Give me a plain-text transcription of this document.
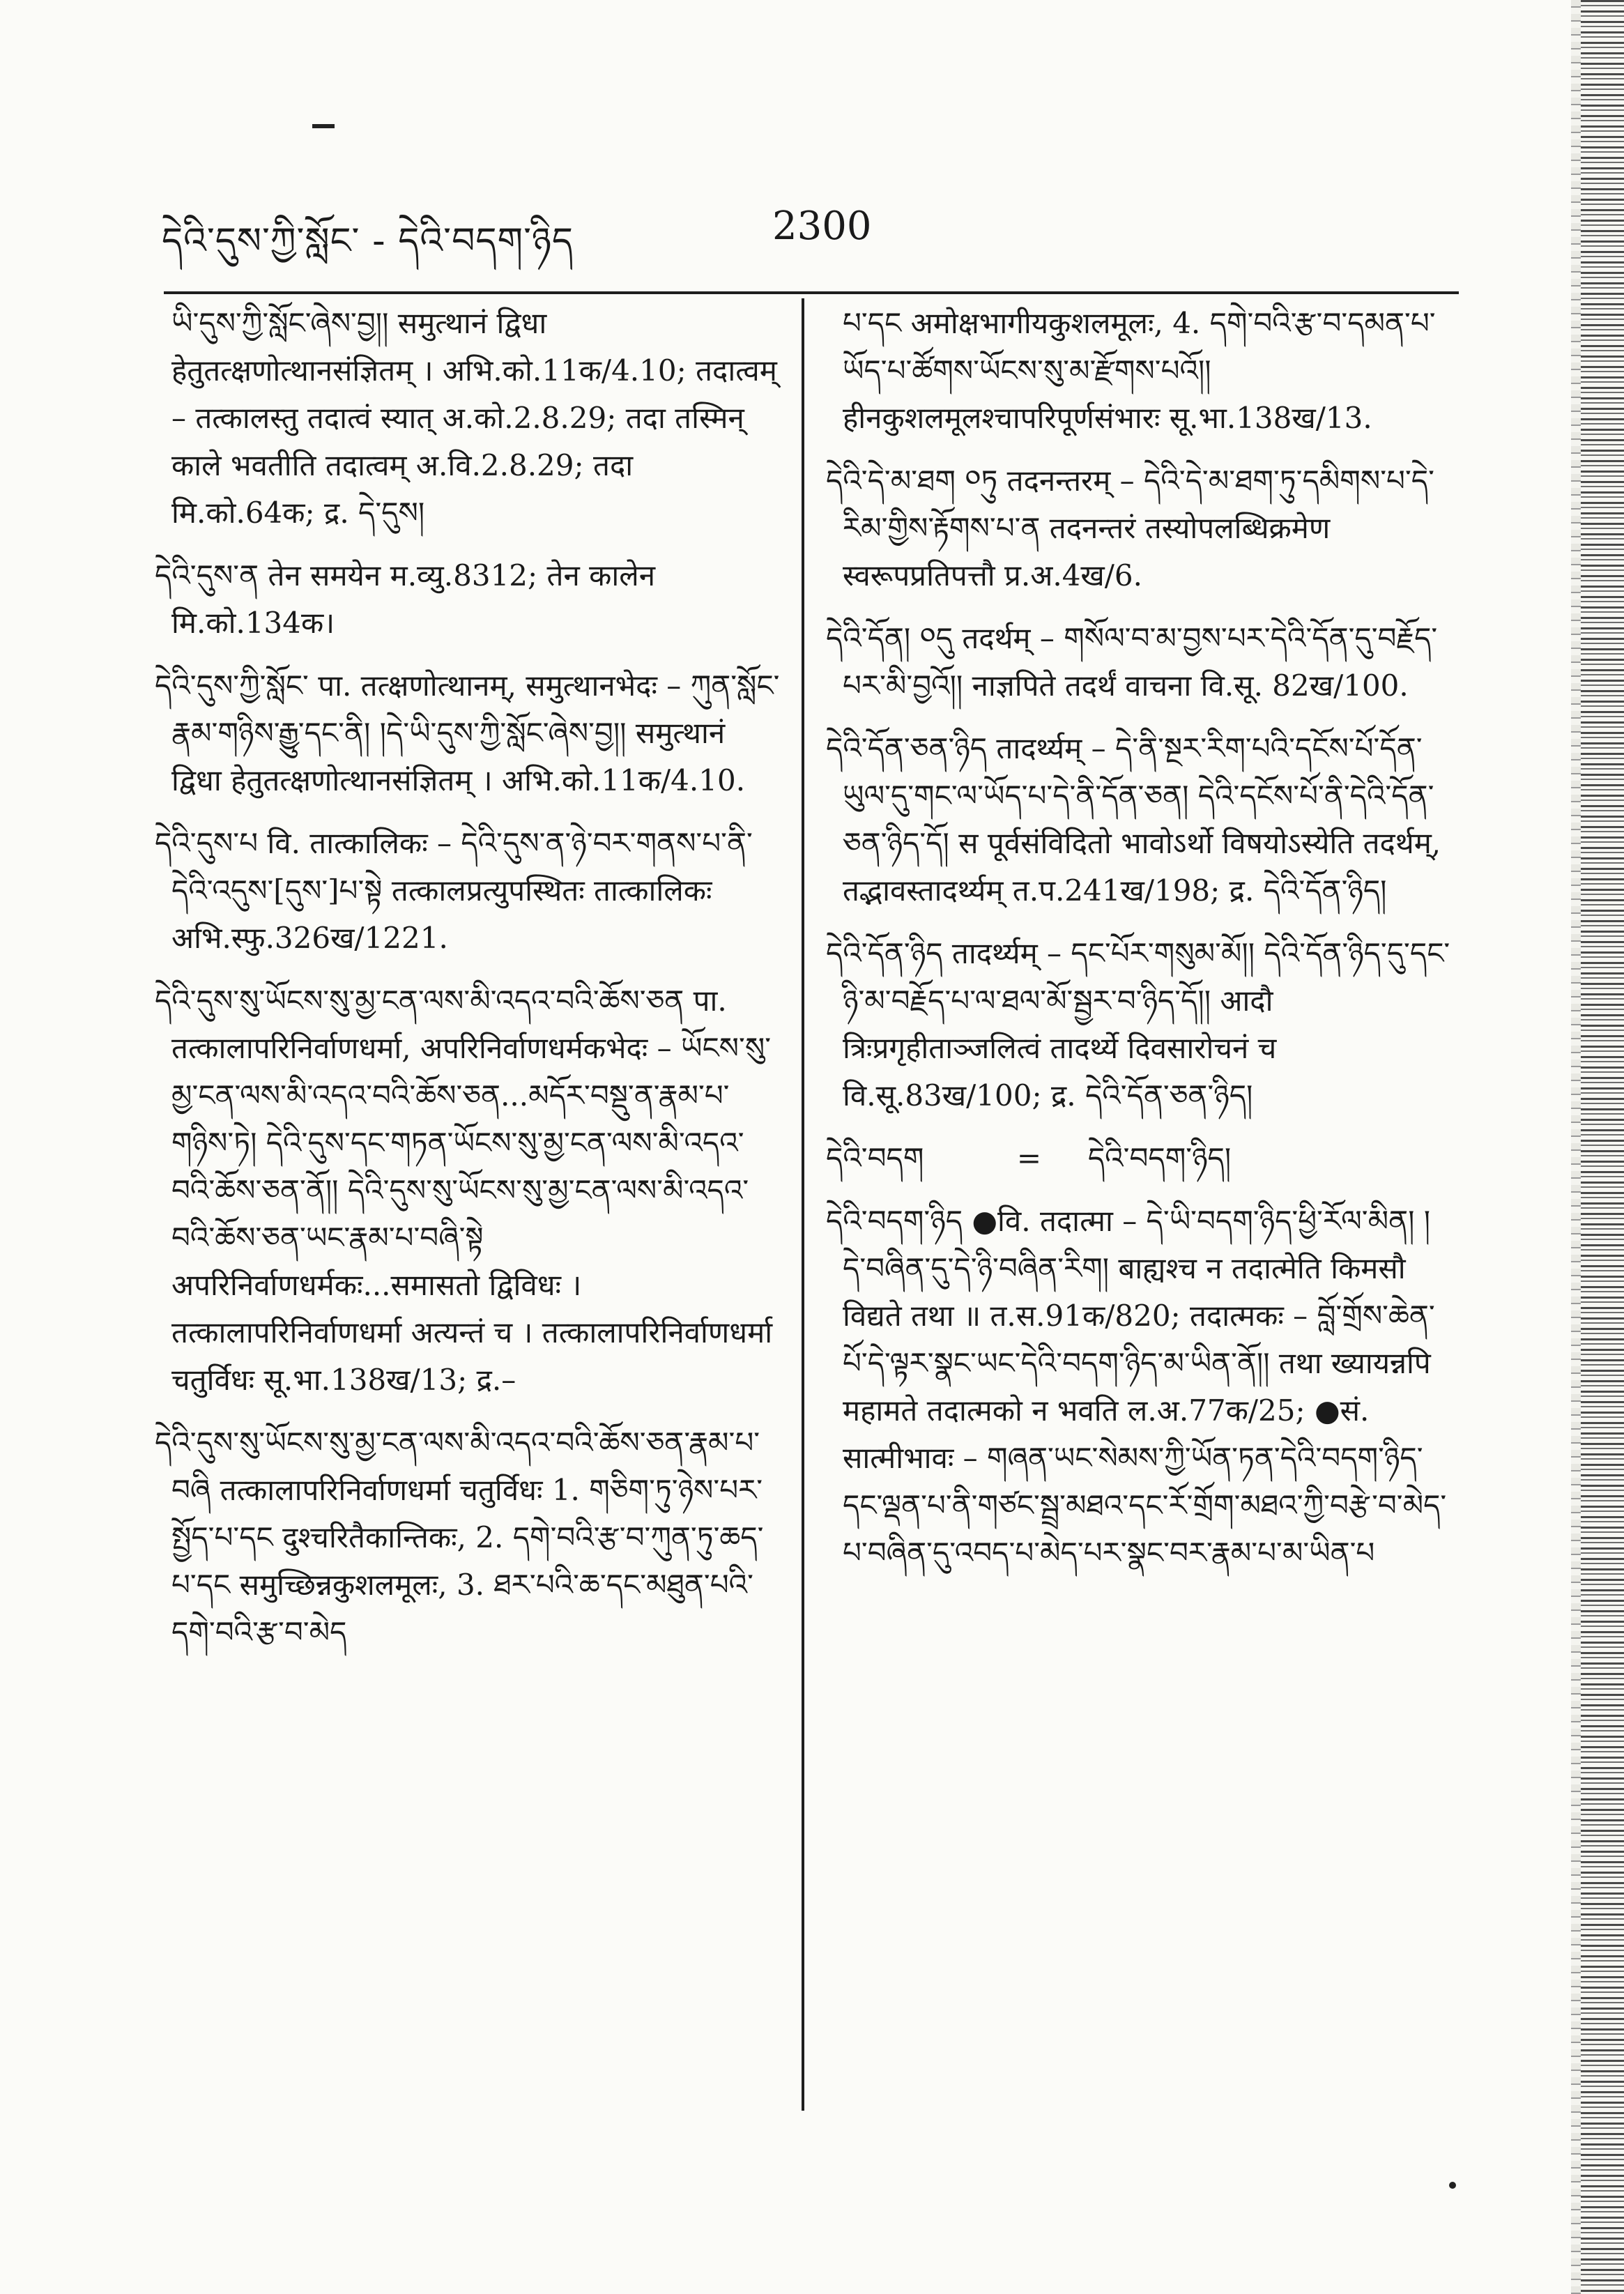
དེའི་དུས་ཀྱི་སློང་ - དེའི་བདག་ཉིད	2300

ཡི་དུས་ཀྱི་སློང་ཞེས་བྱ།། समुत्थानं द्विधा हेतुतत्क्षणोत्थानसंज्ञितम् । अभि.को.11क/4.10; तदात्वम् – तत्कालस्तु तदात्वं स्यात् अ.को.2.8.29; तदा तस्मिन् काले भवतीति तदात्वम् अ.वि.2.8.29; तदा मि.को.64क; द्र. དེ་དུས།

དེའི་དུས་ན तेन समयेन म.व्यु.8312; तेन कालेन मि.को.134क।

དེའི་དུས་ཀྱི་སློང་ पा. तत्क्षणोत्थानम्, समुत्थानभेदः – ཀུན་སློང་རྣམ་གཉིས་རྒྱུ་དང་ནི། །དེ་ཡི་དུས་ཀྱི་སློང་ཞེས་བྱ།། समुत्थानं द्विधा हेतुतत्क्षणोत्थानसंज्ञितम् । अभि.को.11क/4.10.

དེའི་དུས་པ वि. तात्कालिकः – དེའི་དུས་ན་ཉེ་བར་གནས་པ་ནི་དེའི་འདུས་[དུས་]པ་སྟེ तत्कालप्रत्युपस्थितः तात्कालिकः अभि.स्फु.326ख/1221.

དེའི་དུས་སུ་ཡོངས་སུ་མྱ་ངན་ལས་མི་འདའ་བའི་ཆོས་ཅན पा. तत्कालापरिनिर्वाणधर्मा, अपरिनिर्वाणधर्मकभेदः – ཡོངས་སུ་མྱ་ངན་ལས་མི་འདའ་བའི་ཆོས་ཅན...མདོར་བསྡུ་ན་རྣམ་པ་གཉིས་ཏེ། དེའི་དུས་དང་གཏན་ཡོངས་སུ་མྱ་ངན་ལས་མི་འདའ་བའི་ཆོས་ཅན་ནོ།། དེའི་དུས་སུ་ཡོངས་སུ་མྱ་ངན་ལས་མི་འདའ་བའི་ཆོས་ཅན་ཡང་རྣམ་པ་བཞི་སྟེ अपरिनिर्वाणधर्मकः...समासतो द्विविधः । तत्कालापरिनिर्वाणधर्मा अत्यन्तं च । तत्कालापरिनिर्वाणधर्मा चतुर्विधः सू.भा.138ख/13; द्र.–

དེའི་དུས་སུ་ཡོངས་སུ་མྱ་ངན་ལས་མི་འདའ་བའི་ཆོས་ཅན་རྣམ་པ་བཞི तत्कालापरिनिर्वाणधर्मा चतुर्विधः 1. གཅིག་ཏུ་ཉེས་པར་སྤྱོད་པ་དང दुश्चरितैकान्तिकः, 2. དགེ་བའི་རྩ་བ་ཀུན་ཏུ་ཆད་པ་དང समुच्छिन्नकुशलमूलः, 3. ཐར་པའི་ཆ་དང་མཐུན་པའི་དགེ་བའི་རྩ་བ་མེད

པ་དང अमोक्षभागीयकुशलमूलः, 4. དགེ་བའི་རྩ་བ་དམན་པ་ཡོད་པ་ཚོགས་ཡོངས་སུ་མ་རྫོགས་པའོ།། हीनकुशलमूलश्चापरिपूर्णसंभारः सू.भा.138ख/13.

དེའི་དེ་མ་ཐག ༠ཏུ तदनन्तरम् – དེའི་དེ་མ་ཐག་ཏུ་དམིགས་པ་དེ་རིམ་གྱིས་རྟོགས་པ་ན तदनन्तरं तस्योपलब्धिक्रमेण स्वरूपप्रतिपत्तौ प्र.अ.4ख/6.

དེའི་དོན། ༠དུ तदर्थम् – གསོལ་བ་མ་བྱས་པར་དེའི་དོན་དུ་བརྗོད་པར་མི་བྱའོ།། नाज्ञपिते तदर्थं वाचना वि.सू. 82ख/100.

དེའི་དོན་ཅན་ཉིད तादर्थ्यम् – དེ་ནི་སྔར་རིག་པའི་དངོས་པོ་དོན་ཡུལ་དུ་གང་ལ་ཡོད་པ་དེ་ནི་དོན་ཅན། དེའི་དངོས་པོ་ནི་དེའི་དོན་ཅན་ཉིད་དོ། स पूर्वसंविदितो भावोऽर्थो विषयोऽस्येति तदर्थम्, तद्भावस्तादर्थ्यम् त.प.241ख/198; द्र. དེའི་དོན་ཉིད།

དེའི་དོན་ཉིད तादर्थ्यम् – དང་པོར་གསུམ་མོ།། དེའི་དོན་ཉིད་དུ་དང་ཉི་མ་བརྗོད་པ་ལ་ཐལ་མོ་སྦྱར་བ་ཉིད་དོ།། आदौ त्रिःप्रगृहीताञ्जलित्वं तादर्थ्ये दिवसारोचनं च वि.सू.83ख/100; द्र. དེའི་དོན་ཅན་ཉིད།

དེའི་བདག          =     དེའི་བདག་ཉིད།

དེའི་བདག་ཉིད ●वि. तदात्मा – དེ་ཡི་བདག་ཉིད་ཕྱི་རོལ་མིན། །དེ་བཞིན་དུ་དེ་ཉི་བཞིན་རིག། बाह्यश्च न तदात्मेति किमसौ विद्यते तथा ॥ त.स.91क/820; तदात्मकः – བློ་གྲོས་ཆེན་པོ་དེ་ལྟར་སྣང་ཡང་དེའི་བདག་ཉིད་མ་ཡིན་ནོ།། तथा ख्यायन्नपि महामते तदात्मको न भवति ल.अ.77क/25; ●सं. सात्मीभावः – གཞན་ཡང་སེམས་ཀྱི་ཡོན་ཏན་དེའི་བདག་ཉིད་དང་ལྡན་པ་ནི་གཙང་སྦྲ་མཐའ་དང་རོ་གྲོག་མཐའ་ཀྱི་བརྩེ་བ་མེད་པ་བཞིན་དུ་འབད་པ་མེད་པར་སྣང་བར་རྣམ་པ་མ་ཡིན་པ
